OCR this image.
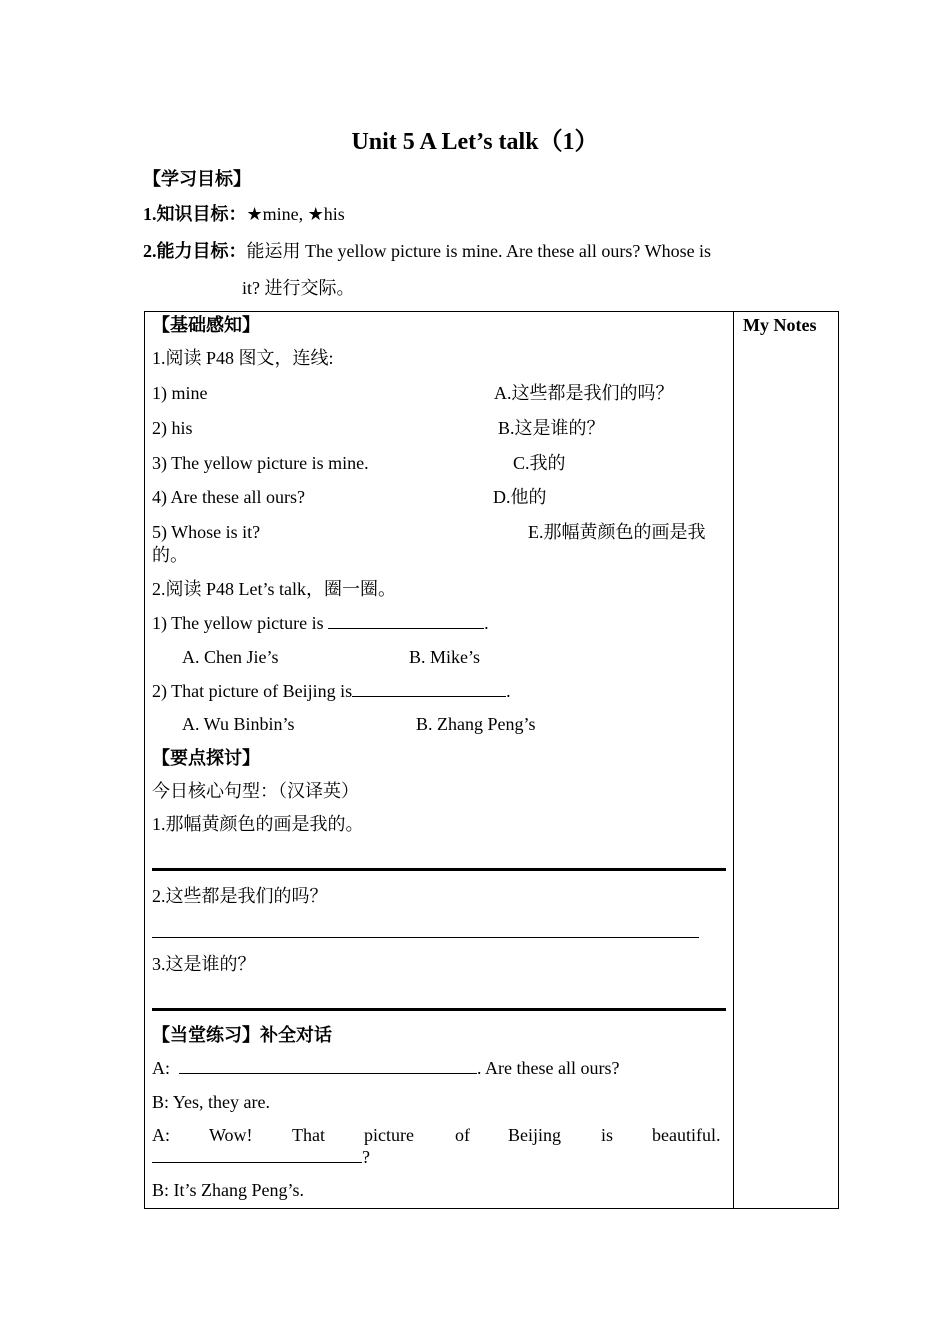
Unit 5 A Let’s talk（1）
【学习目标】
1.知识目标：★mine, ★his
2.能力目标：能运用 The yellow picture is mine. Are these all ours? Whose is
it? 进行交际。
My Notes
【基础感知】
1.阅读 P48 图文，连线:
1) mine	A.这些都是我们的吗？
2) his	B.这是谁的？
3) The yellow picture is mine.	C.我的
4) Are these all ours?	D.他的
5) Whose is it?	E.那幅黄颜色的画是我
的。
2.阅读 P48 Let’s talk，圈一圈。
1) The yellow picture is	.
A. Chen Jie’s	B. Mike’s
2) That picture of Beijing is	.
A. Wu Binbin’s	B. Zhang Peng’s
【要点探讨】
今日核心句型：（汉译英）
1.那幅黄颜色的画是我的。
2.这些都是我们的吗？
3.这是谁的？
【当堂练习】补全对话
A:	. Are these all ours?
B: Yes, they are.
A: Wow! That picture of Beijing is beautiful.
?
B: It’s Zhang Peng’s.
